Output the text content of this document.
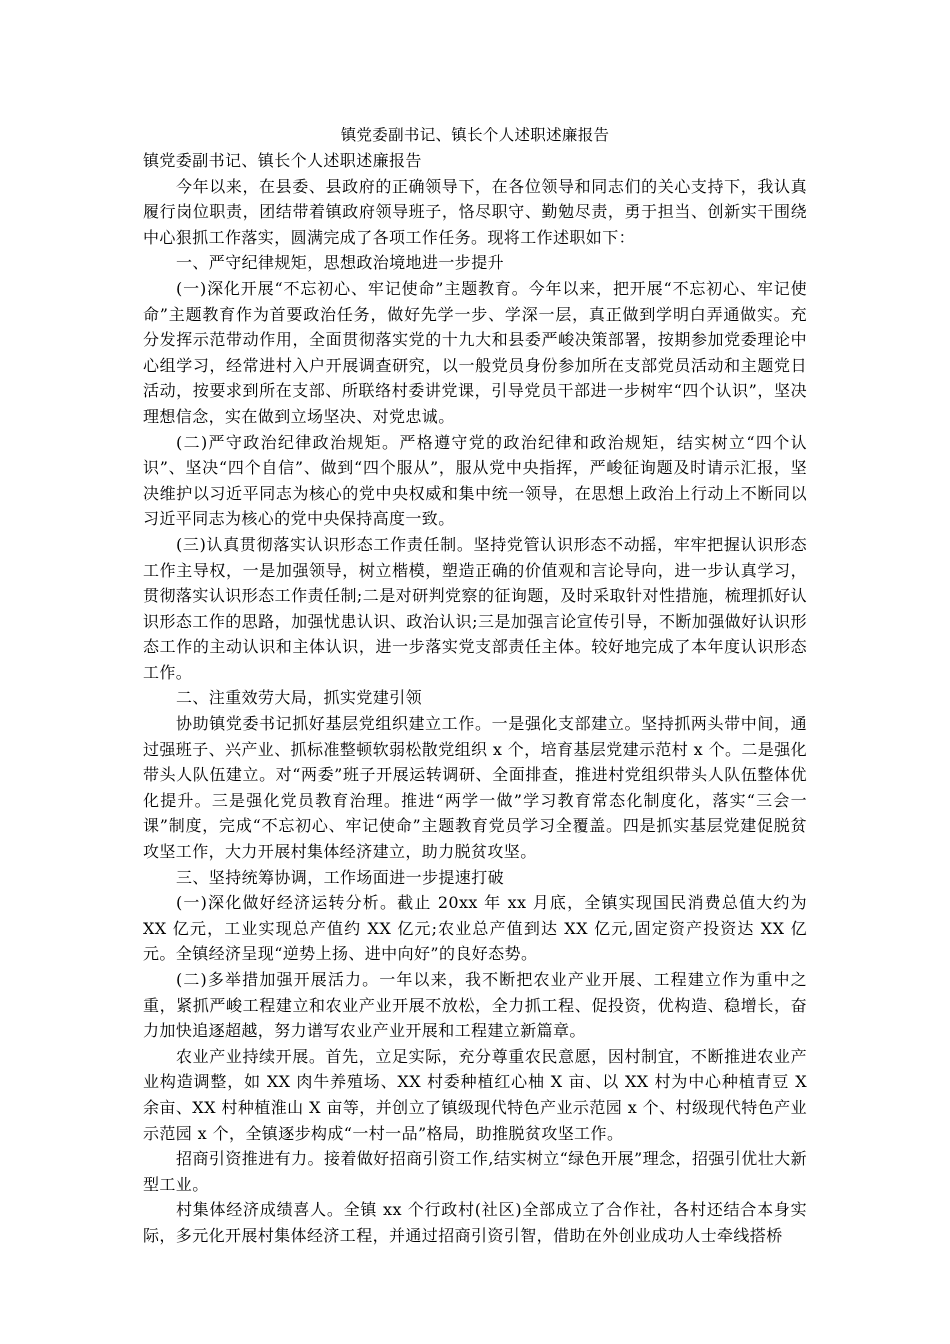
镇党委副书记、镇长个人述职述廉报告

镇党委副书记、镇长个人述职述廉报告

今年以来，在县委、县政府的正确领导下，在各位领导和同志们的关心支持下，我认真履行岗位职责，团结带着镇政府领导班子，恪尽职守、勤勉尽责，勇于担当、创新实干围绕中心狠抓工作落实，圆满完成了各项工作任务。现将工作述职如下：

一、严守纪律规矩，思想政治境地进一步提升

(一)深化开展“不忘初心、牢记使命”主题教育。今年以来，把开展“不忘初心、牢记使命”主题教育作为首要政治任务，做好先学一步、学深一层，真正做到学明白弄通做实。充分发挥示范带动作用，全面贯彻落实党的十九大和县委严峻决策部署，按期参加党委理论中心组学习，经常进村入户开展调查研究，以一般党员身份参加所在支部党员活动和主题党日活动，按要求到所在支部、所联络村委讲党课，引导党员干部进一步树牢“四个认识”，坚决理想信念，实在做到立场坚决、对党忠诚。

(二)严守政治纪律政治规矩。严格遵守党的政治纪律和政治规矩，结实树立“四个认识”、坚决“四个自信”、做到“四个服从”，服从党中央指挥，严峻征询题及时请示汇报，坚决维护以习近平同志为核心的党中央权威和集中统一领导，在思想上政治上行动上不断同以习近平同志为核心的党中央保持高度一致。

(三)认真贯彻落实认识形态工作责任制。坚持党管认识形态不动摇，牢牢把握认识形态工作主导权，一是加强领导，树立楷模，塑造正确的价值观和言论导向，进一步认真学习，贯彻落实认识形态工作责任制;二是对研判党察的征询题，及时采取针对性措施，梳理抓好认识形态工作的思路，加强忧患认识、政治认识;三是加强言论宣传引导，不断加强做好认识形态工作的主动认识和主体认识，进一步落实党支部责任主体。较好地完成了本年度认识形态工作。

二、注重效劳大局，抓实党建引领

协助镇党委书记抓好基层党组织建立工作。一是强化支部建立。坚持抓两头带中间，通过强班子、兴产业、抓标准整顿软弱松散党组织 x 个，培育基层党建示范村 x 个。二是强化带头人队伍建立。对“两委”班子开展运转调研、全面排查，推进村党组织带头人队伍整体优化提升。三是强化党员教育治理。推进“两学一做”学习教育常态化制度化，落实“三会一课”制度，完成“不忘初心、牢记使命”主题教育党员学习全覆盖。四是抓实基层党建促脱贫攻坚工作，大力开展村集体经济建立，助力脱贫攻坚。

三、坚持统筹协调，工作场面进一步提速打破

(一)深化做好经济运转分析。截止 20xx 年 xx 月底，全镇实现国民消费总值大约为 XX 亿元，工业实现总产值约 XX 亿元;农业总产值到达 XX 亿元,固定资产投资达 XX 亿元。全镇经济呈现“逆势上扬、进中向好”的良好态势。

(二)多举措加强开展活力。一年以来，我不断把农业产业开展、工程建立作为重中之重，紧抓严峻工程建立和农业产业开展不放松，全力抓工程、促投资，优构造、稳增长，奋力加快追逐超越，努力谱写农业产业开展和工程建立新篇章。

农业产业持续开展。首先，立足实际，充分尊重农民意愿，因村制宜，不断推进农业产业构造调整，如 XX 肉牛养殖场、XX 村委种植红心柚 X 亩、以 XX 村为中心种植青豆 X 余亩、XX 村种植淮山 X 亩等，并创立了镇级现代特色产业示范园 x 个、村级现代特色产业示范园 x 个，全镇逐步构成“一村一品”格局，助推脱贫攻坚工作。

招商引资推进有力。接着做好招商引资工作,结实树立“绿色开展”理念，招强引优壮大新型工业。

村集体经济成绩喜人。全镇 xx 个行政村(社区)全部成立了合作社，各村还结合本身实际，多元化开展村集体经济工程，并通过招商引资引智，借助在外创业成功人士牵线搭桥
